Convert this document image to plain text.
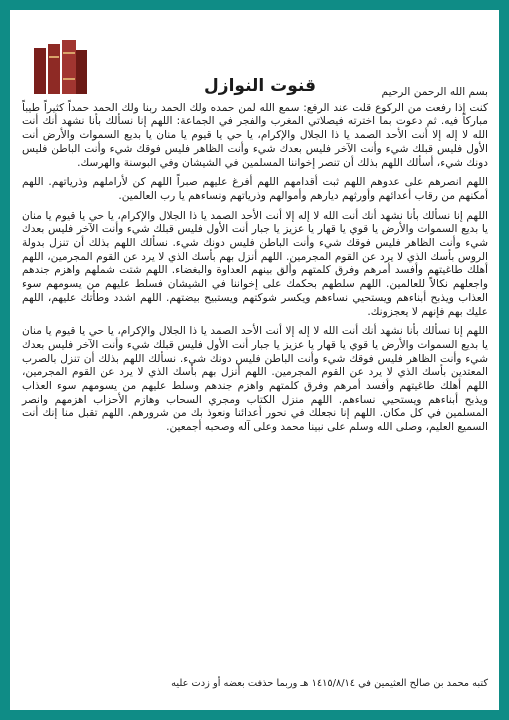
قنوت النوازل	بسم الله الرحمن الرحيم

كنت إذا رفعت من الركوع قلت عند الرفع: سمع الله لمن حمده ولك الحمد ربنا ولك الحمد حمداً كثيراً طيباً مباركاً فيه. ثم دعوت بما اخترته فيصلاتي المغرب والفجر في الجماعة: اللهم إنا نسألك بأنا نشهد أنك أنت الله لا إله إلا أنت الأحد الصمد يا ذا الجلال والإكرام، يا حي يا قيوم يا منان يا بديع السموات والأرض أنت الأول فليس قبلك شيء وأنت الآخر فليس بعدك شيء وأنت الظاهر فليس فوقك شيء وأنت الباطن فليس دونك شيء، أسألك اللهم بذلك أن تنصر إخواننا المسلمين في الشيشان وفي البوسنة والهرسك.

اللهم انصرهم على عدوهم اللهم ثبت أقدامهم اللهم أفرغ عليهم صبراً اللهم كن لأراملهم وذرياتهم. اللهم أمكنهم من رقاب أعدائهم وأورثهم ديارهم وأموالهم وذرياتهم ونساءهم يا رب العالمين.

اللهم إنا نسألك بأنا نشهد أنك أنت الله لا إله إلا أنت الأحد الصمد يا ذا الجلال والإكرام، يا حي يا قيوم يا منان يا بديع السموات والأرض يا قوي يا قهار يا عزيز يا جبار أنت الأول فليس قبلك شيء وأنت الآخر فليس بعدك شيء وأنت الظاهر فليس فوقك شيء وأنت الباطن فليس دونك شيء. نسألك اللهم بذلك أن تنزل بدولة الروس بأسك الذي لا يرد عن القوم المجرمين. اللهم أنزل بهم بأسك الذي لا يرد عن القوم المجرمين، اللهم أهلك طاغيتهم وأفسد أمرهم وفرق كلمتهم وألق بينهم العداوة والبغضاء. اللهم شتت شملهم واهزم جندهم واجعلهم نكالاً للعالمين. اللهم سلطهم بحكمك على إخواننا في الشيشان فسلط عليهم من يسومهم سوء العذاب ويذبح أبناءهم ويستحيي نساءهم ويكسر شوكتهم ويستبيح بيضتهم. اللهم اشدد وطأتك عليهم، اللهم عليك بهم فإنهم لا يعجزونك.

اللهم إنا نسألك بأنا نشهد أنك أنت الله لا إله إلا أنت الأحد الصمد يا ذا الجلال والإكرام، يا حي يا قيوم يا منان يا بديع السموات والأرض يا قوي يا قهار يا عزيز يا جبار أنت الأول فليس قبلك شيء وأنت الآخر فليس بعدك شيء وأنت الظاهر فليس فوقك شيء وأنت الباطن فليس دونك شيء. نسألك اللهم بذلك أن تنزل بالصرب المعتدين بأسك الذي لا يرد عن القوم المجرمين. اللهم أنزل بهم بأسك الذي لا يرد عن القوم المجرمين، اللهم أهلك طاغيتهم وأفسد أمرهم وفرق كلمتهم واهزم جندهم وسلط عليهم من يسومهم سوء العذاب ويذبح أبناءهم ويستحيي نساءهم. اللهم منزل الكتاب ومجري السحاب وهازم الأحزاب اهزمهم وانصر المسلمين في كل مكان. اللهم إنا نجعلك في نحور أعدائنا ونعوذ بك من شرورهم. اللهم تقبل منا إنك أنت السميع العليم، وصلى الله وسلم على نبينا محمد وعلى آله وصحبه أجمعين.

كتبه محمد بن صالح العثيمين في ١٤١٥/٨/١٤ هـ وربما حذفت بعضه أو زدت عليه
